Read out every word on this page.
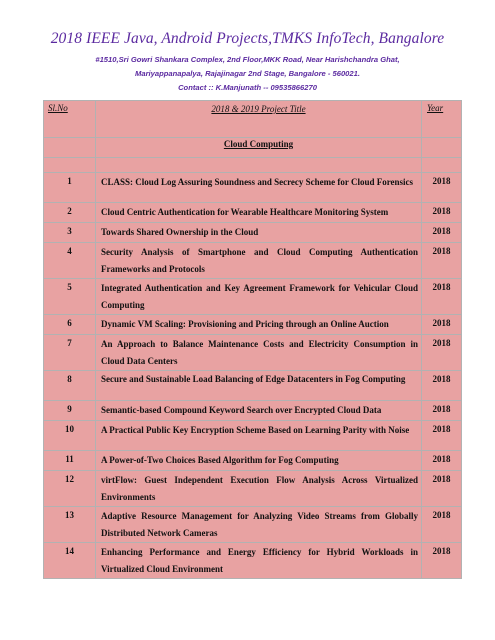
2018 IEEE Java, Android Projects,TMKS InfoTech, Bangalore
#1510,Sri Gowri Shankara Complex, 2nd Floor,MKK Road, Near Harishchandra Ghat,
Mariyappanapalya, Rajajinagar 2nd Stage, Bangalore - 560021.
Contact :: K.Manjunath -- 09535866270
Sl.No	2018 & 2019 Project Title	Year
	Cloud Computing	

1	CLASS: Cloud Log Assuring Soundness and Secrecy Scheme for Cloud Forensics	2018
2	Cloud Centric Authentication for Wearable Healthcare Monitoring System	2018
3	Towards Shared Ownership in the Cloud	2018
4	Security Analysis of Smartphone and Cloud Computing Authentication Frameworks and Protocols	2018
5	Integrated Authentication and Key Agreement Framework for Vehicular Cloud Computing	2018
6	Dynamic VM Scaling: Provisioning and Pricing through an Online Auction	2018
7	An Approach to Balance Maintenance Costs and Electricity Consumption in Cloud Data Centers	2018
8	Secure and Sustainable Load Balancing of Edge Datacenters in Fog Computing	2018
9	Semantic-based Compound Keyword Search over Encrypted Cloud Data	2018
10	A Practical Public Key Encryption Scheme Based on Learning Parity with Noise	2018
11	A Power-of-Two Choices Based Algorithm for Fog Computing	2018
12	virtFlow: Guest Independent Execution Flow Analysis Across Virtualized Environments	2018
13	Adaptive Resource Management for Analyzing Video Streams from Globally Distributed Network Cameras	2018
14	Enhancing Performance and Energy Efficiency for Hybrid Workloads in Virtualized Cloud Environment	2018
